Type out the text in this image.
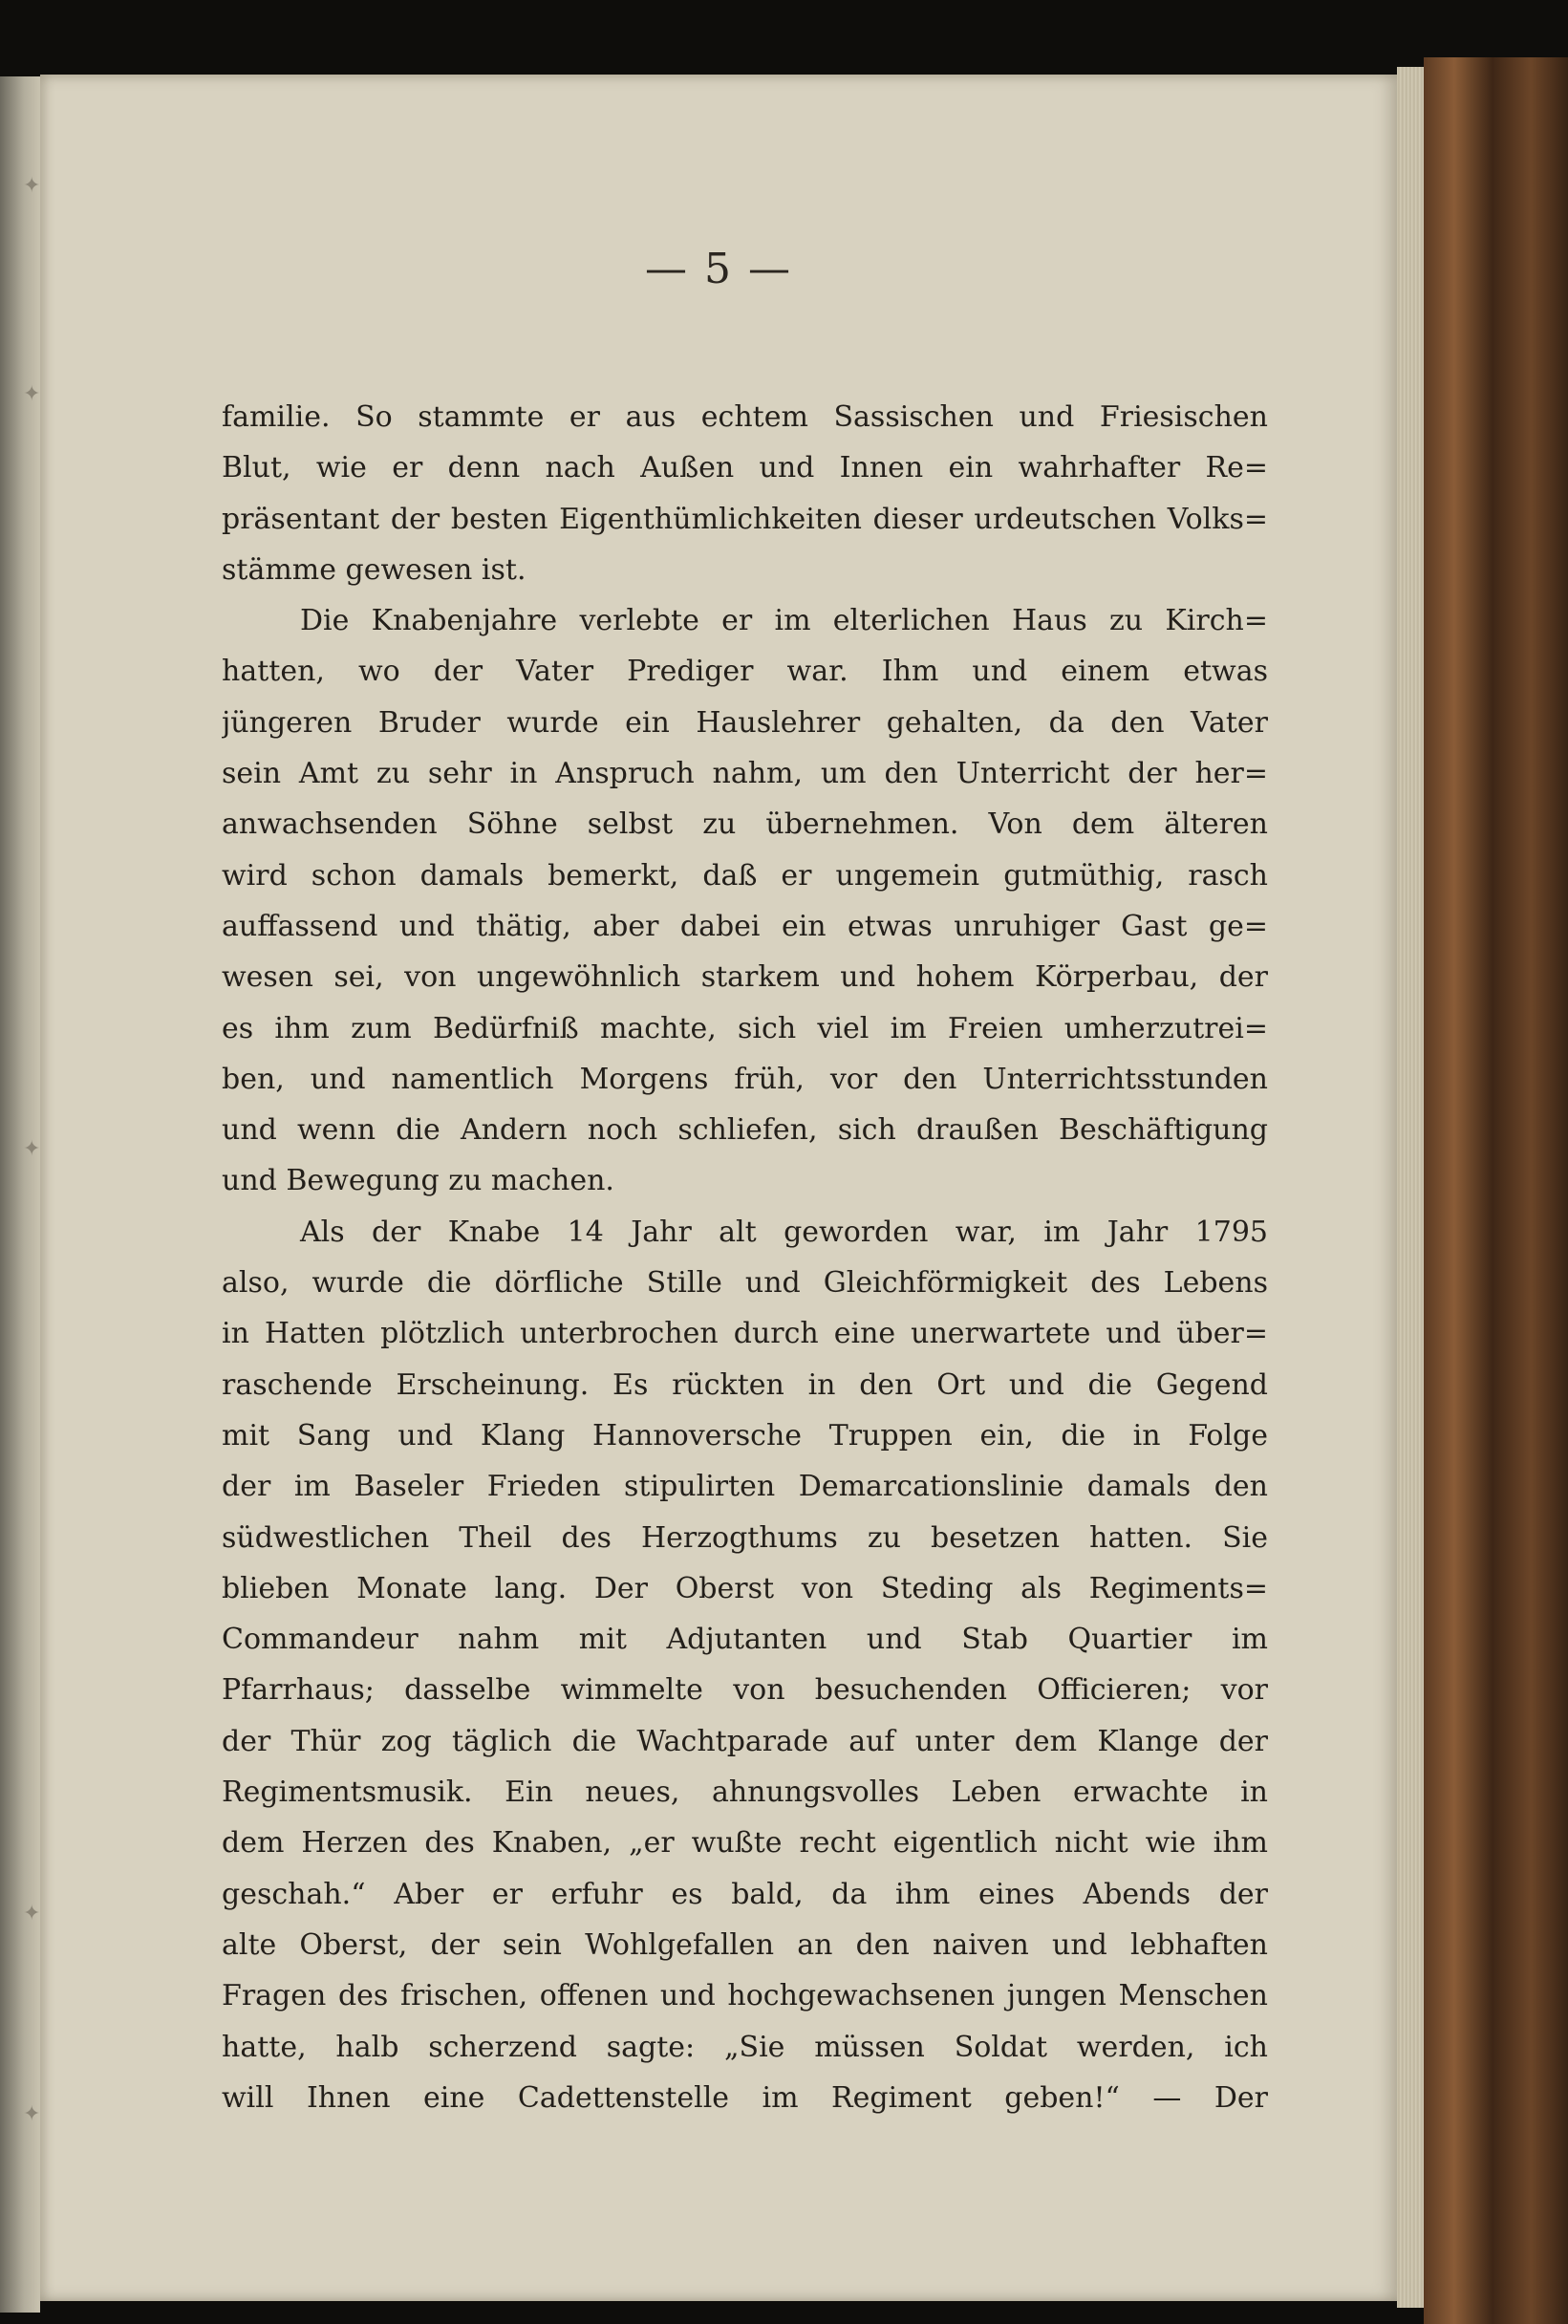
— 5 —
familie. So stammte er aus echtem Sassischen und Friesischen
Blut, wie er denn nach Außen und Innen ein wahrhafter Re=
präsentant der besten Eigenthümlichkeiten dieser urdeutschen Volks=
stämme gewesen ist.
Die Knabenjahre verlebte er im elterlichen Haus zu Kirch=
hatten, wo der Vater Prediger war. Ihm und einem etwas
jüngeren Bruder wurde ein Hauslehrer gehalten, da den Vater
sein Amt zu sehr in Anspruch nahm, um den Unterricht der her=
anwachsenden Söhne selbst zu übernehmen. Von dem älteren
wird schon damals bemerkt, daß er ungemein gutmüthig, rasch
auffassend und thätig, aber dabei ein etwas unruhiger Gast ge=
wesen sei, von ungewöhnlich starkem und hohem Körperbau, der
es ihm zum Bedürfniß machte, sich viel im Freien umherzutrei=
ben, und namentlich Morgens früh, vor den Unterrichtsstunden
und wenn die Andern noch schliefen, sich draußen Beschäftigung
und Bewegung zu machen.
Als der Knabe 14 Jahr alt geworden war, im Jahr 1795
also, wurde die dörfliche Stille und Gleichförmigkeit des Lebens
in Hatten plötzlich unterbrochen durch eine unerwartete und über=
raschende Erscheinung. Es rückten in den Ort und die Gegend
mit Sang und Klang Hannoversche Truppen ein, die in Folge
der im Baseler Frieden stipulirten Demarcationslinie damals den
südwestlichen Theil des Herzogthums zu besetzen hatten. Sie
blieben Monate lang. Der Oberst von Steding als Regiments=
Commandeur nahm mit Adjutanten und Stab Quartier im
Pfarrhaus; dasselbe wimmelte von besuchenden Officieren; vor
der Thür zog täglich die Wachtparade auf unter dem Klange der
Regimentsmusik. Ein neues, ahnungsvolles Leben erwachte in
dem Herzen des Knaben, „er wußte recht eigentlich nicht wie ihm
geschah.“ Aber er erfuhr es bald, da ihm eines Abends der
alte Oberst, der sein Wohlgefallen an den naiven und lebhaften
Fragen des frischen, offenen und hochgewachsenen jungen Menschen
hatte, halb scherzend sagte: „Sie müssen Soldat werden, ich
will Ihnen eine Cadettenstelle im Regiment geben!“ — Der
✦
✦
✦
✦
✦
